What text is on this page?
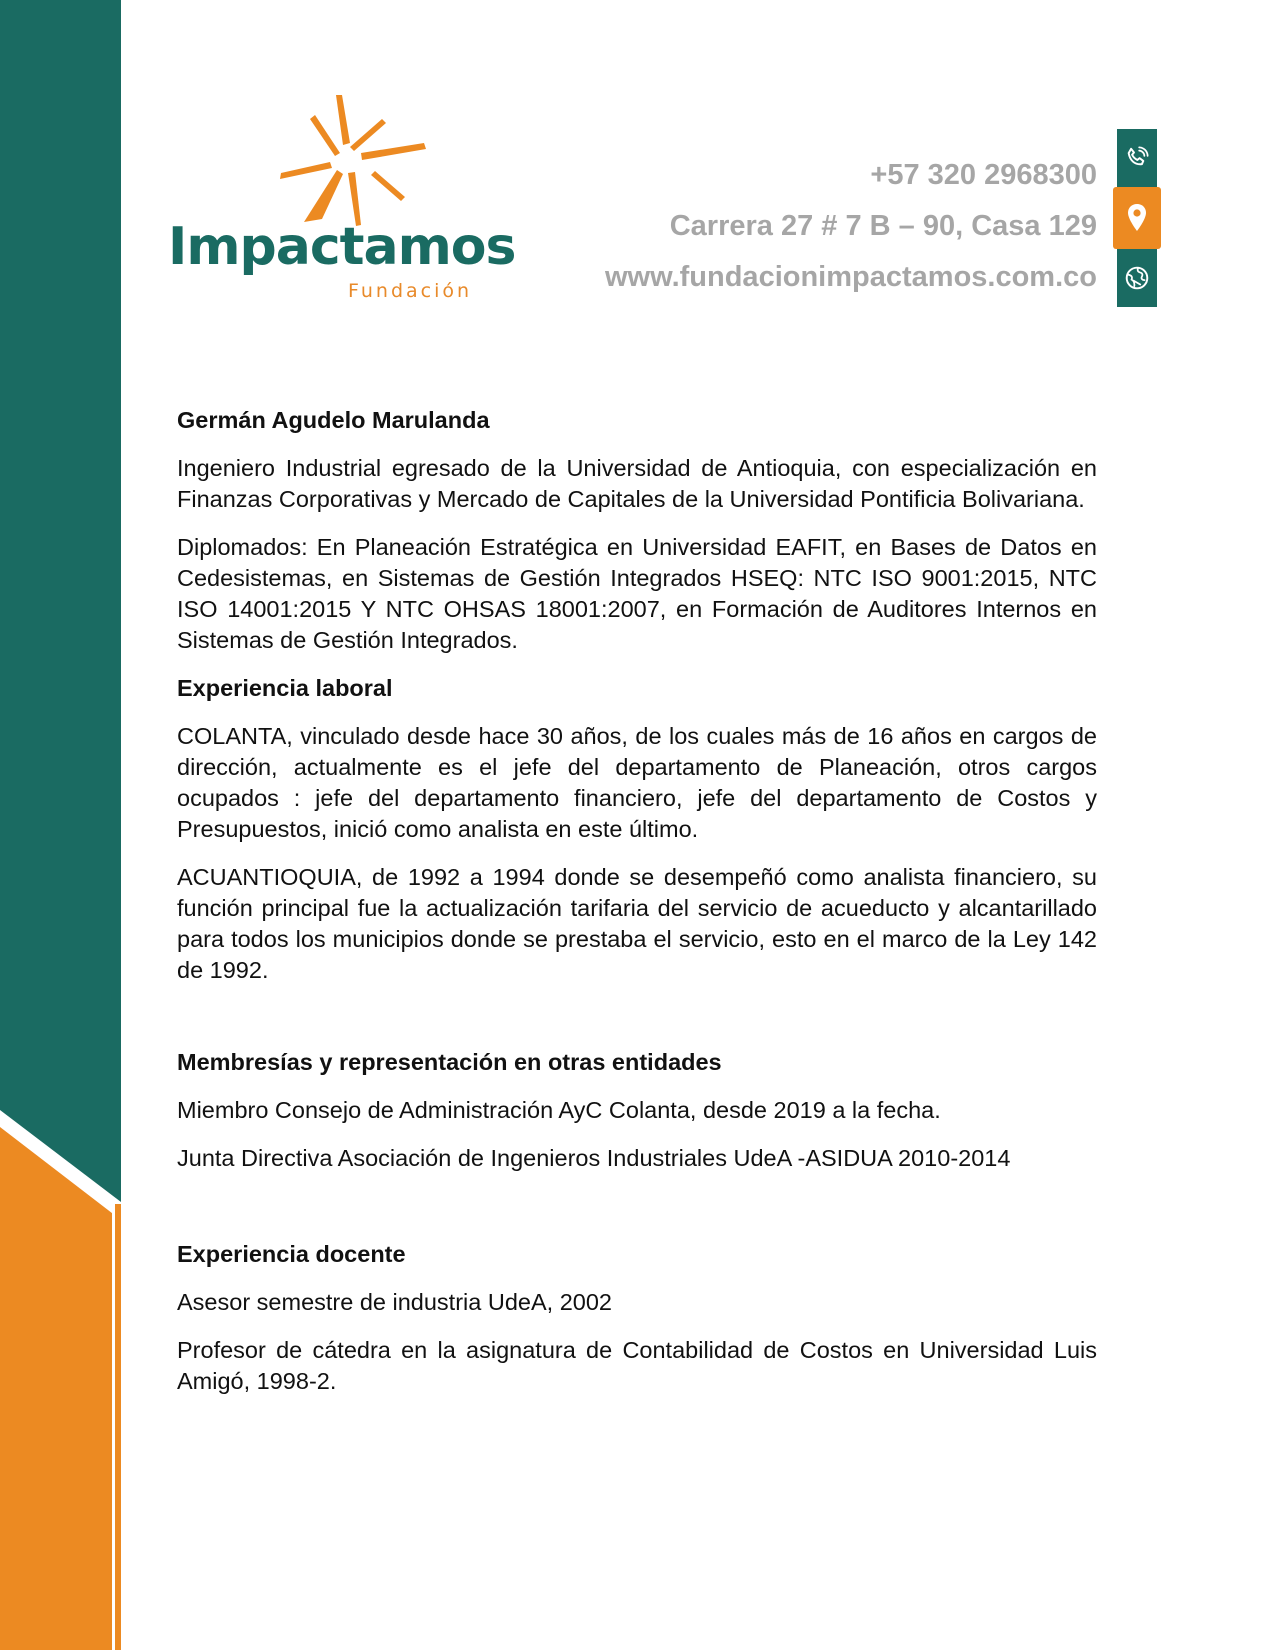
Impactamos
Fundación
+57 320 2968300
Carrera 27 # 7 B – 90, Casa 129
www.fundacionimpactamos.com.co
Germán Agudelo Marulanda
Ingeniero Industrial egresado de la Universidad de Antioquia, con especialización en Finanzas Corporativas y Mercado de Capitales de la Universidad Pontificia Bolivariana.
Diplomados: En Planeación Estratégica en Universidad EAFIT, en Bases de Datos en Cedesistemas, en Sistemas de Gestión Integrados HSEQ: NTC ISO 9001:2015, NTC ISO 14001:2015 Y NTC OHSAS 18001:2007, en Formación de Auditores Internos en Sistemas de Gestión Integrados.
Experiencia laboral
COLANTA, vinculado desde hace 30 años, de los cuales más de 16 años en cargos de dirección, actualmente es el jefe del departamento de Planeación, otros cargos ocupados : jefe del departamento financiero, jefe del departamento de Costos y Presupuestos, inició como analista en este último.
ACUANTIOQUIA, de 1992 a 1994 donde se desempeñó como analista financiero, su función principal fue la actualización tarifaria del servicio de acueducto y alcantarillado para todos los municipios donde se prestaba el servicio, esto en el marco de la Ley 142 de 1992.
Membresías y representación en otras entidades
Miembro Consejo de Administración AyC Colanta, desde 2019 a la fecha.
Junta Directiva Asociación de Ingenieros Industriales UdeA -ASIDUA 2010-2014
Experiencia docente
Asesor semestre de industria UdeA, 2002
Profesor de cátedra en la asignatura de Contabilidad de Costos en Universidad Luis Amigó, 1998-2.
